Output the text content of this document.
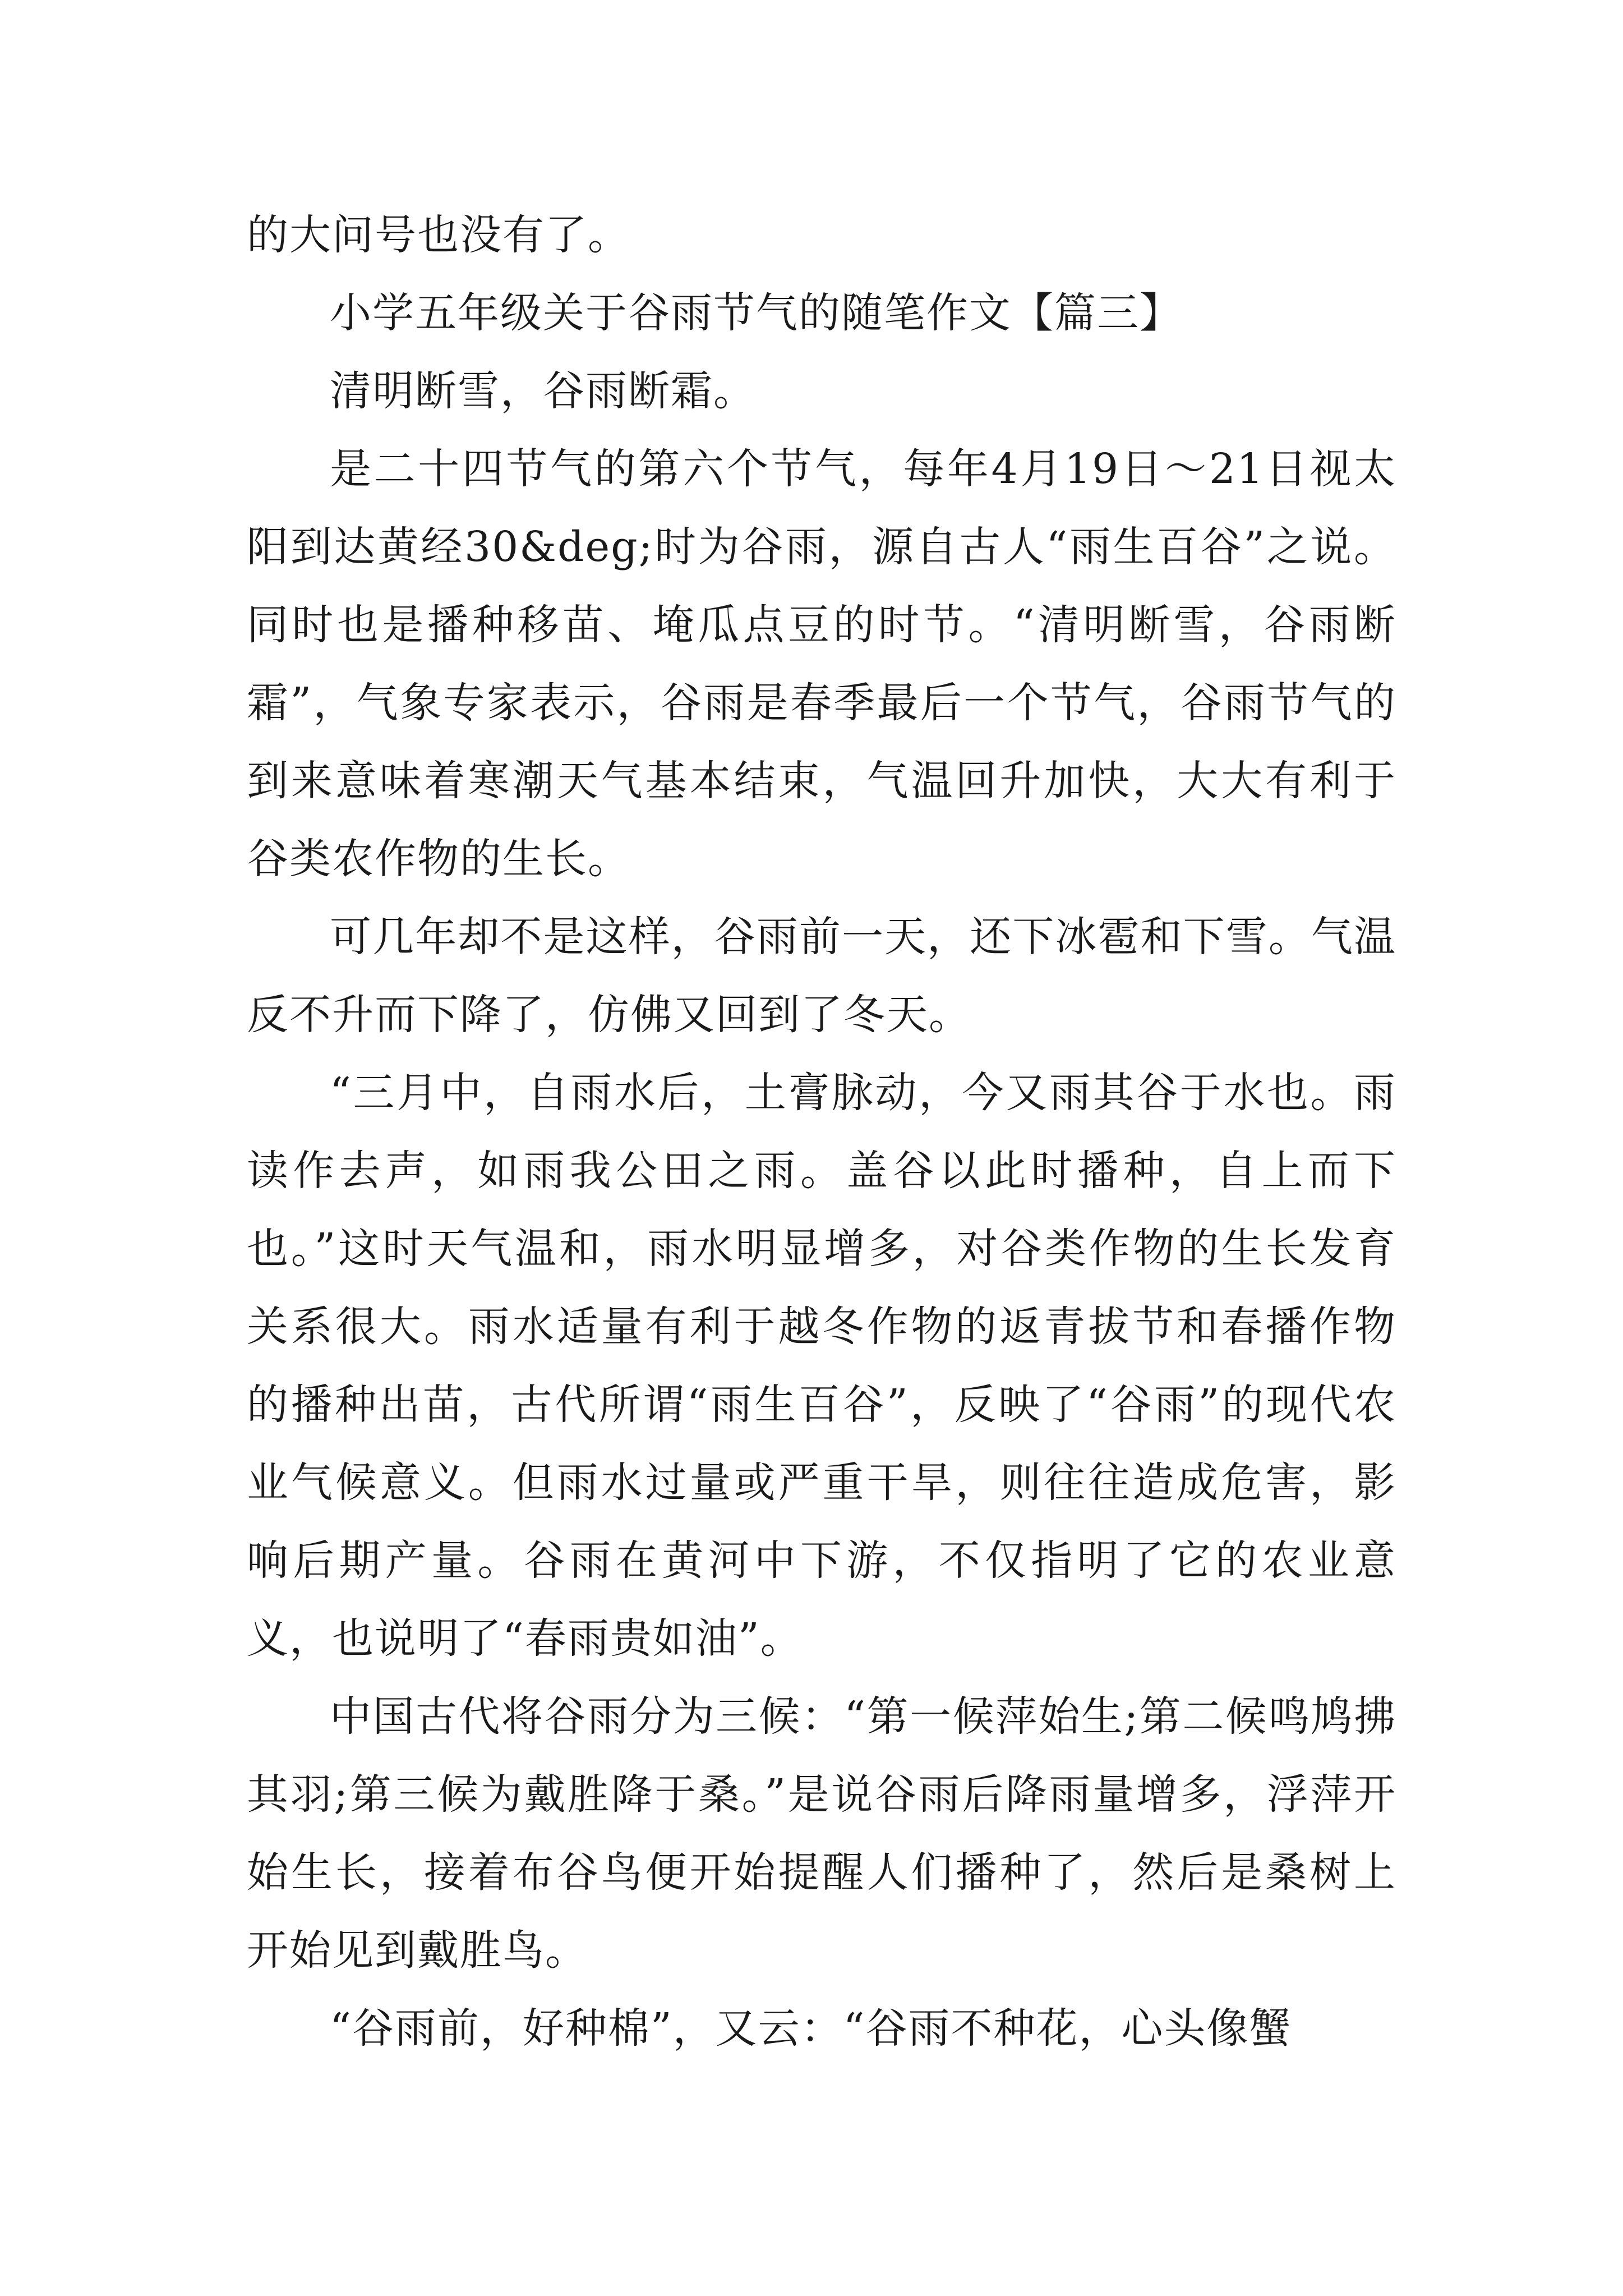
的大问号也没有了。

小学五年级关于谷雨节气的随笔作文【篇三】

清明断雪，谷雨断霜。

是二十四节气的第六个节气，每年4月19日～21日视太阳到达黄经30&deg;时为谷雨，源自古人“雨生百谷”之说。同时也是播种移苗、埯瓜点豆的时节。“清明断雪，谷雨断霜”，气象专家表示，谷雨是春季最后一个节气，谷雨节气的到来意味着寒潮天气基本结束，气温回升加快，大大有利于谷类农作物的生长。

可几年却不是这样，谷雨前一天，还下冰雹和下雪。气温反不升而下降了，仿佛又回到了冬天。

“三月中，自雨水后，土膏脉动，今又雨其谷于水也。雨读作去声，如雨我公田之雨。盖谷以此时播种，自上而下也。”这时天气温和，雨水明显增多，对谷类作物的生长发育关系很大。雨水适量有利于越冬作物的返青拔节和春播作物的播种出苗，古代所谓“雨生百谷”，反映了“谷雨”的现代农业气候意义。但雨水过量或严重干旱，则往往造成危害，影响后期产量。谷雨在黄河中下游，不仅指明了它的农业意义，也说明了“春雨贵如油”。

中国古代将谷雨分为三候：“第一候萍始生;第二候鸣鸠拂其羽;第三候为戴胜降于桑。”是说谷雨后降雨量增多，浮萍开始生长，接着布谷鸟便开始提醒人们播种了，然后是桑树上开始见到戴胜鸟。

“谷雨前，好种棉”，又云：“谷雨不种花，心头像蟹
